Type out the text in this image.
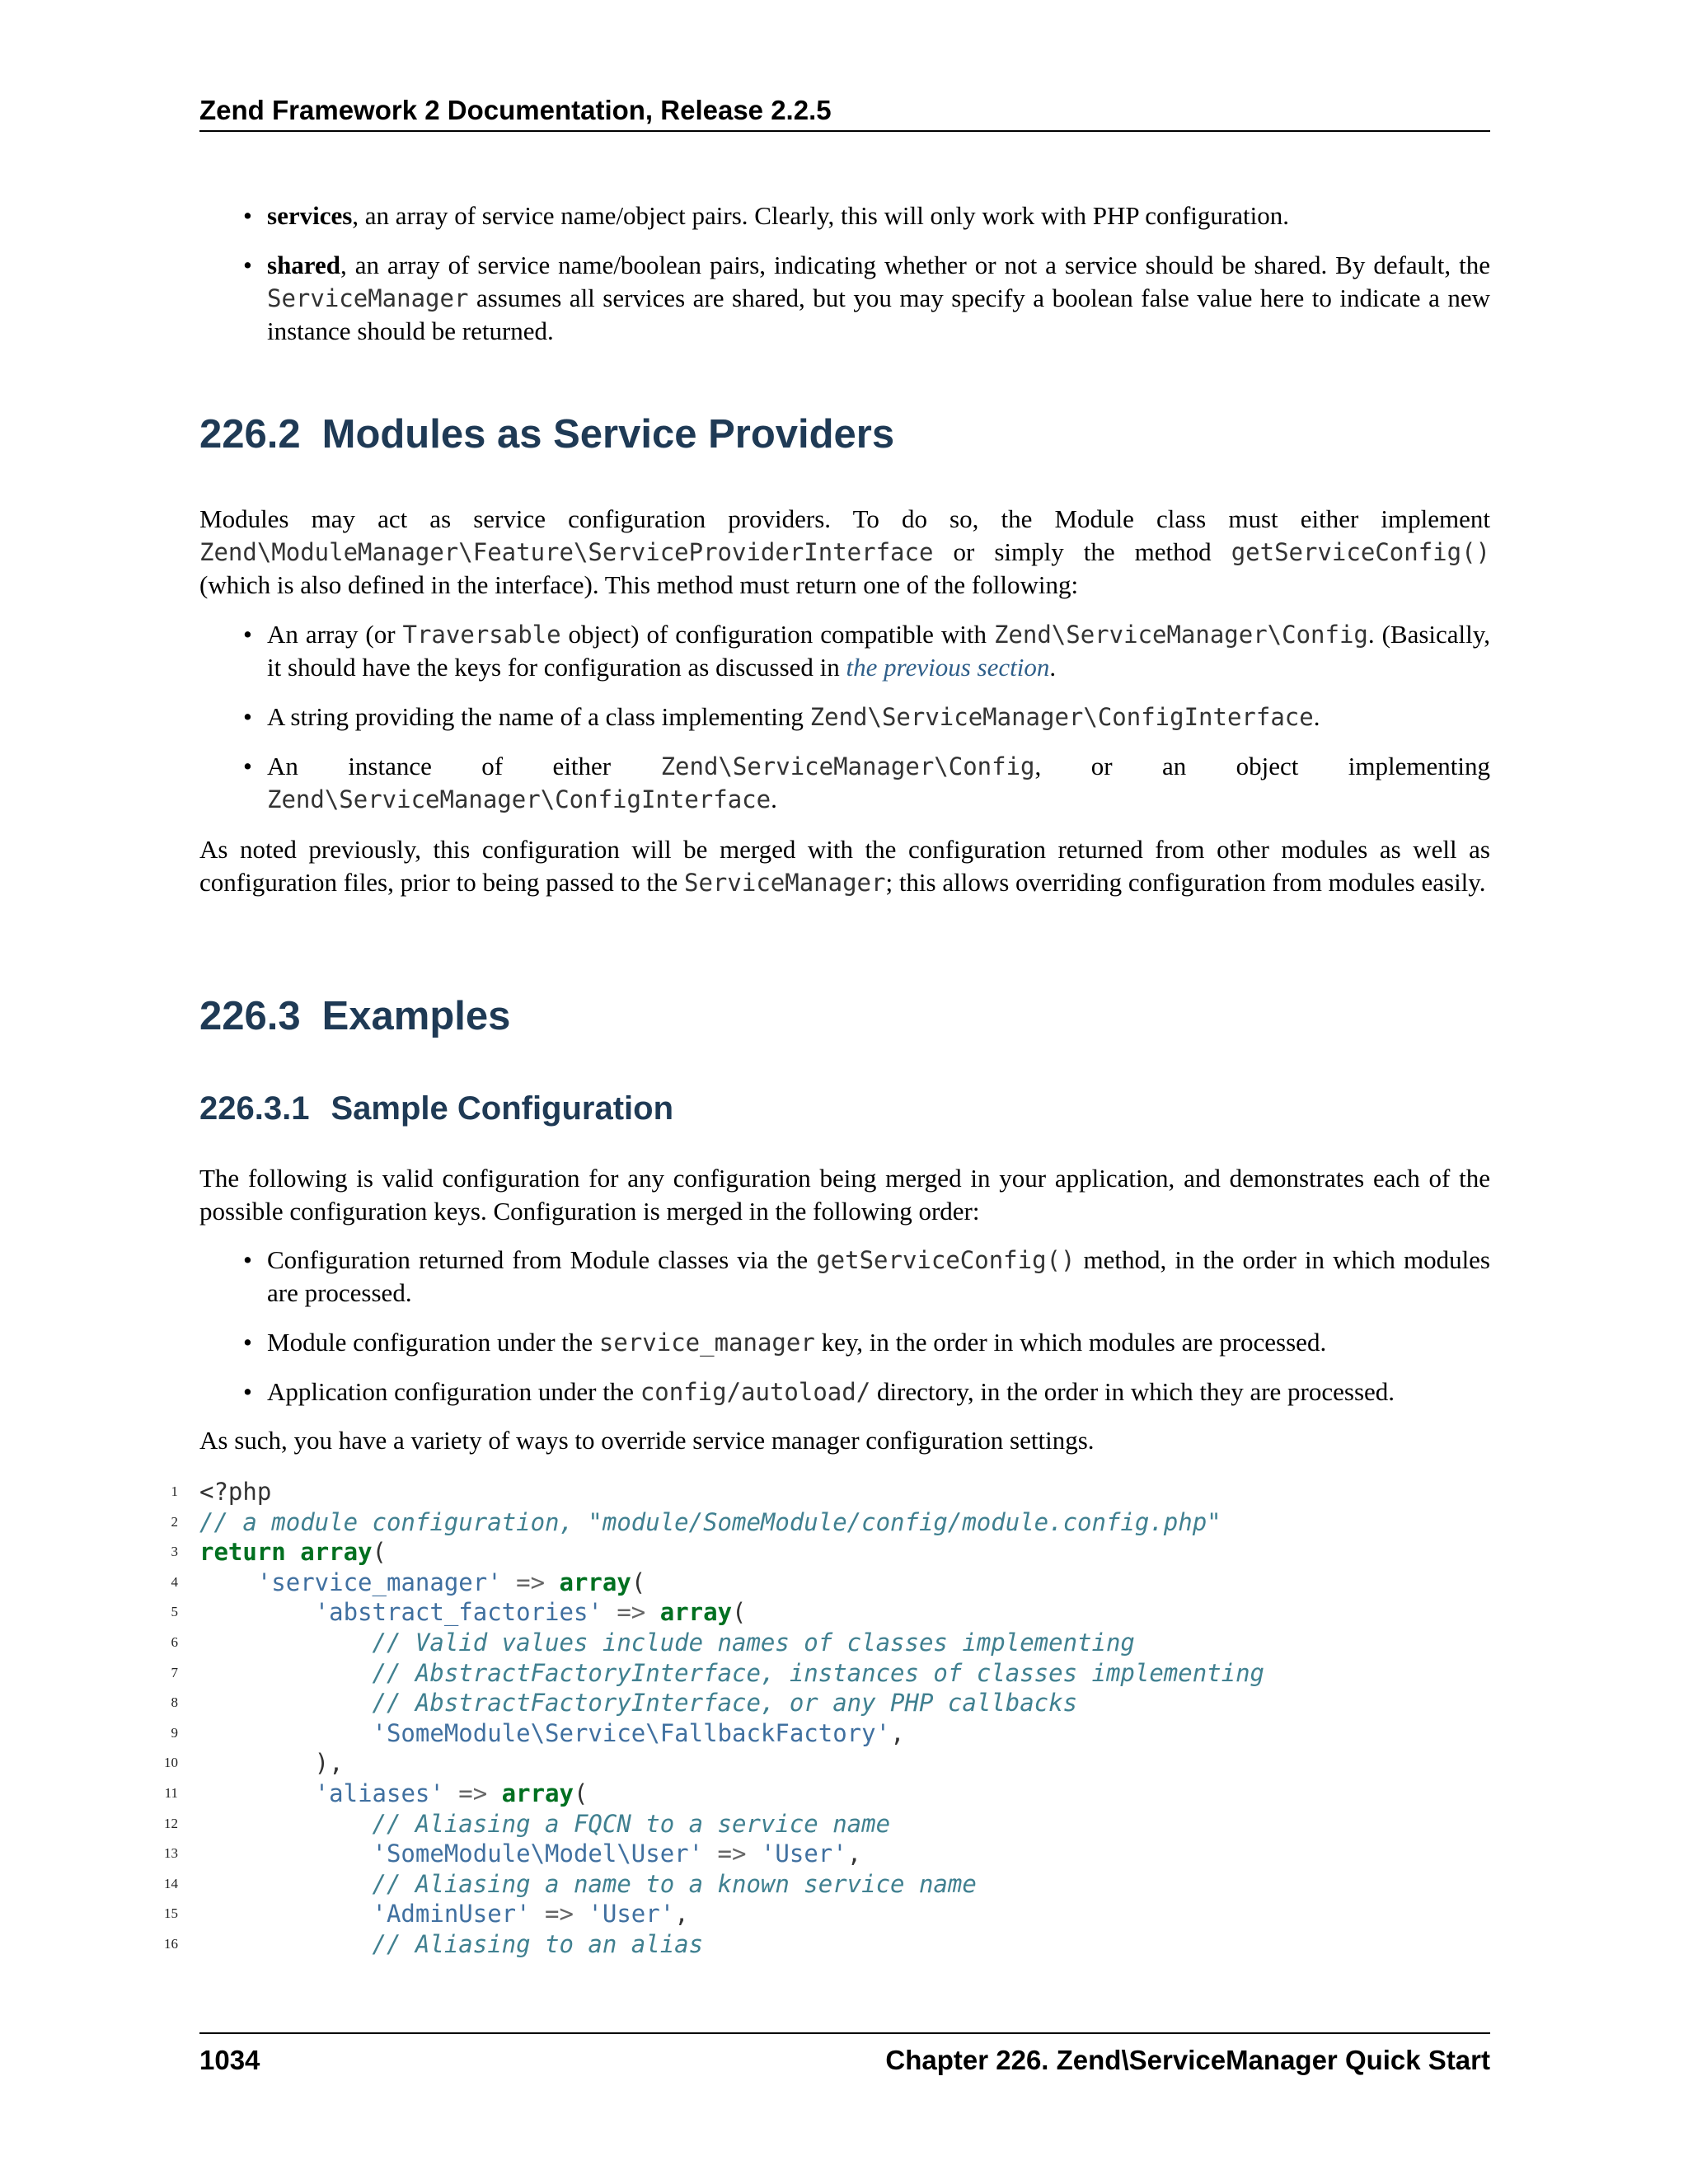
Zend Framework 2 Documentation, Release 2.2.5
• services, an array of service name/object pairs. Clearly, this will only work with PHP configuration.
• shared, an array of service name/boolean pairs, indicating whether or not a service should be shared. By default, the ServiceManager assumes all services are shared, but you may specify a boolean false value here to indicate a new instance should be returned.
226.2 Modules as Service Providers
Modules may act as service configuration providers. To do so, the Module class must either implement Zend\ModuleManager\Feature\ServiceProviderInterface or simply the method getServiceConfig() (which is also defined in the interface). This method must return one of the following:
• An array (or Traversable object) of configuration compatible with Zend\ServiceManager\Config. (Basically, it should have the keys for configuration as discussed in the previous section.
• A string providing the name of a class implementing Zend\ServiceManager\ConfigInterface.
• An instance of either Zend\ServiceManager\Config, or an object implementing Zend\ServiceManager\ConfigInterface.
As noted previously, this configuration will be merged with the configuration returned from other modules as well as configuration files, prior to being passed to the ServiceManager; this allows overriding configuration from modules easily.
226.3 Examples
226.3.1 Sample Configuration
The following is valid configuration for any configuration being merged in your application, and demonstrates each of the possible configuration keys. Configuration is merged in the following order:
• Configuration returned from Module classes via the getServiceConfig() method, in the order in which modules are processed.
• Module configuration under the service_manager key, in the order in which modules are processed.
• Application configuration under the config/autoload/ directory, in the order in which they are processed.
As such, you have a variety of ways to override service manager configuration settings.
1 <?php
2 // a module configuration, "module/SomeModule/config/module.config.php"
3 return array(
4	'service_manager' => array(
5	'abstract_factories' => array(
6	// Valid values include names of classes implementing
7	// AbstractFactoryInterface, instances of classes implementing
8	// AbstractFactoryInterface, or any PHP callbacks
9	'SomeModule\Service\FallbackFactory',
10 ),
11	'aliases' => array(
12	// Aliasing a FQCN to a service name
13	'SomeModule\Model\User' => 'User',
14	// Aliasing a name to a known service name
15	'AdminUser' => 'User',
16	// Aliasing to an alias
1034	Chapter 226. Zend\ServiceManager Quick Start
